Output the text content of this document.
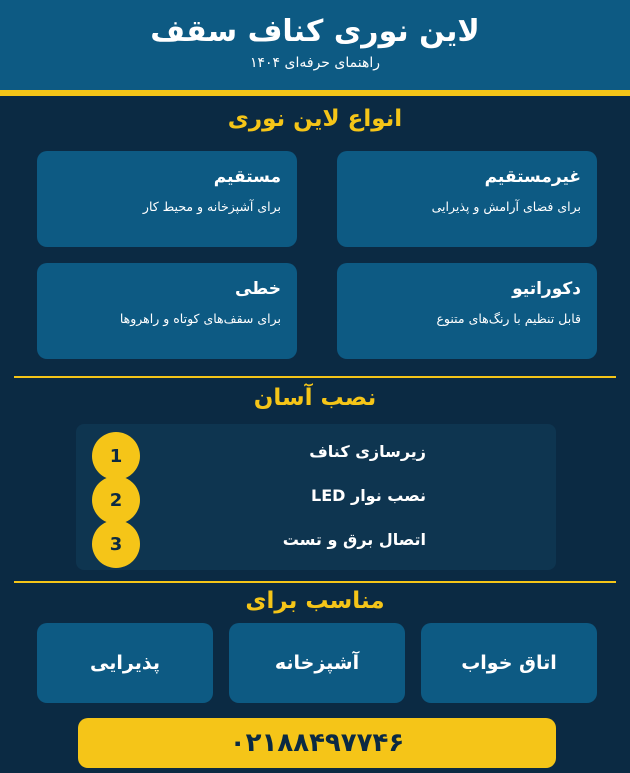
لاین نوری کناف سقف
راهنمای حرفه‌ای ۱۴۰۴
انواع لاین نوری
غیرمستقیم
برای فضای آرامش و پذیرایی
مستقیم
برای آشپزخانه و محیط کار
دکوراتیو
قابل تنظیم با رنگ‌های متنوع
خطی
برای سقف‌های کوتاه و راهروها
نصب آسان
1	زیرسازی کناف
2	نصب نوار LED
3	اتصال برق و تست
مناسب برای
اتاق خواب
آشپزخانه
پذیرایی
۰۲۱۸۸۴۹۷۷۴۶
